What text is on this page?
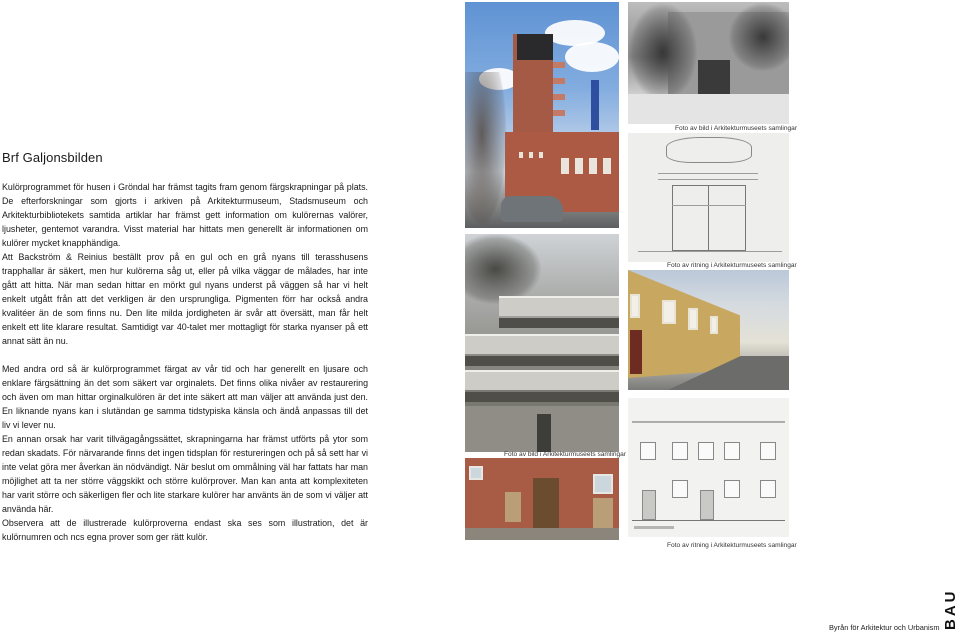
Brf Galjonsbilden

Kulörprogrammet för husen i Gröndal har främst tagits fram genom färgskrapningar på plats. De efterforskningar som gjorts i arkiven på Arkitekturmuseum, Stadsmuseum och Arkitekturbibliotekets samtida artiklar har främst gett information om kulörernas valörer, ljusheter, gentemot varandra. Visst material har hittats men generellt är informationen om kulörer mycket knapphändiga.

Att Backström & Reinius beställt prov på en gul och en grå nyans till terasshusens trapphallar är säkert, men hur kulörerna såg ut, eller på vilka väggar de målades, har inte gått att hitta. När man sedan hittar en mörkt gul nyans underst på väggen så har vi helt enkelt utgått från att det verkligen är den ursprungliga. Pigmenten förr har också andra kvalitéer än de som finns nu. Den lite milda jordigheten är svår att översätt, man får helt enkelt ett lite klarare resultat. Samtidigt var 40-talet mer mottagligt för starka nyanser på ett annat sätt än nu.

Med andra ord så är kulörprogrammet färgat av vår tid och har generellt en ljusare och enklare färgsättning än det som säkert var orginalets. Det finns olika nivåer av restaurering och även om man hittar orginalkulören är det inte säkert att man väljer att använda just den. En liknande nyans kan i slutändan ge samma tidstypiska känsla och ändå anpassas till det liv vi lever nu.

En annan orsak har varit tillvägagångssättet, skrapningarna har främst utförts på ytor som redan skadats. För närvarande finns det ingen tidsplan för restureringen och på så sett har vi inte velat göra mer åverkan än nödvändigt. När beslut om ommålning väl har fattats har man möjlighet att ta ner större väggskikt och större kulörprover. Man kan anta att komplexiteten har varit större och säkerligen fler och lite starkare kulörer har använts än de som vi väljer att använda här.

Observera att de illustrerade kulörproverna endast ska ses som illustration, det är kulörnumren och ncs egna prover som ger rätt kulör.

Foto av bild i Arkitekturmuseets samlingar
Foto av ritning i Arkitekturmuseets samlingar
Foto av bild i Arkitekturmuseets samlingar
Foto av ritning i Arkitekturmuseets samlingar
BAU
Byrån för Arkitektur och Urbanism
